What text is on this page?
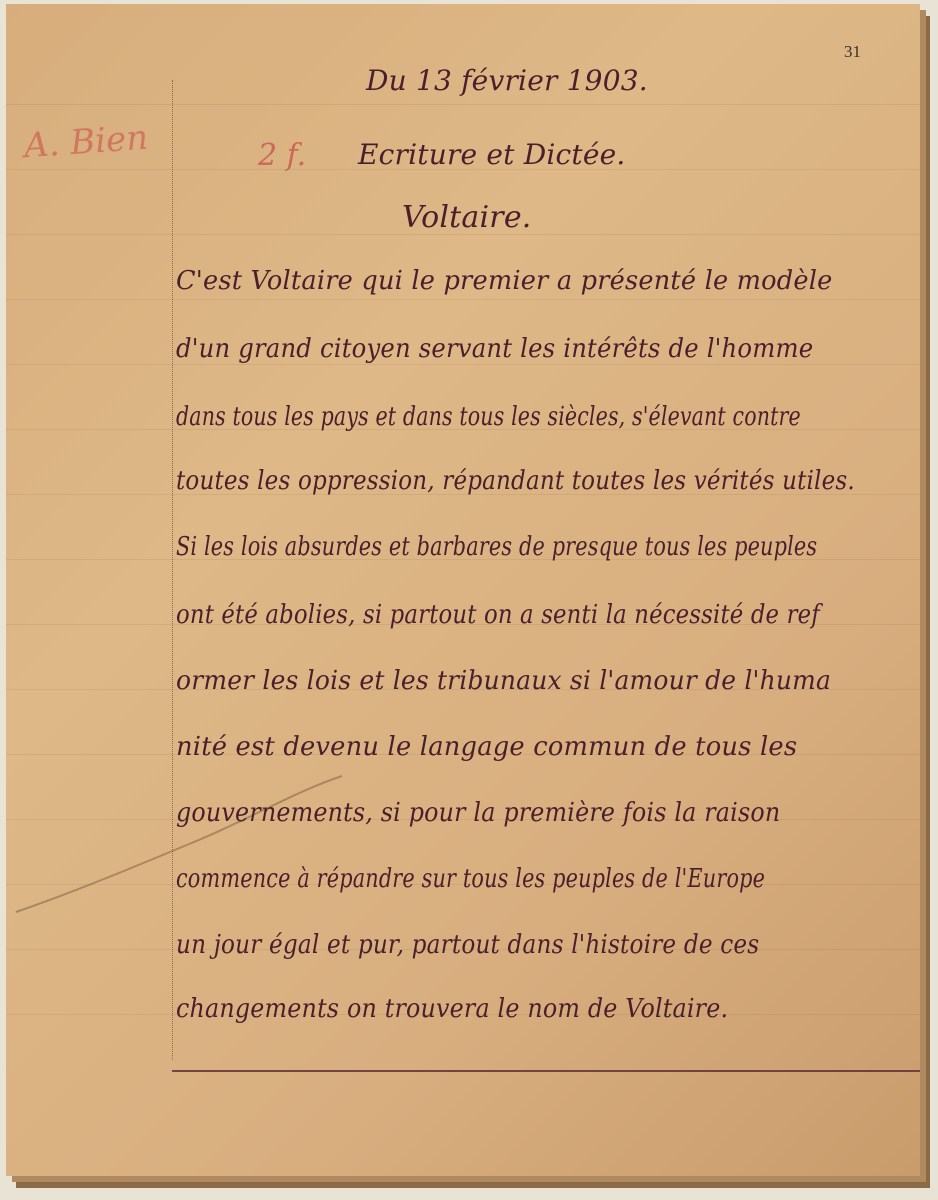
31
A. Bien	2 f.
Du 13 février 1903.
Ecriture et Dictée.
Voltaire.
C'est Voltaire qui le premier a présenté le modèle
d'un grand citoyen servant les intérêts de l'homme
dans tous les pays et dans tous les siècles, s'élevant contre
toutes les oppression, répandant toutes les vérités utiles.
Si les lois absurdes et barbares de presque tous les peuples
ont été abolies, si partout on a senti la nécessité de ref
ormer les lois et les tribunaux si l'amour de l'huma
nité est devenu le langage commun de tous les
gouvernements, si pour la première fois la raison
commence à répandre sur tous les peuples de l'Europe
un jour égal et pur, partout dans l'histoire de ces
changements on trouvera le nom de Voltaire.
